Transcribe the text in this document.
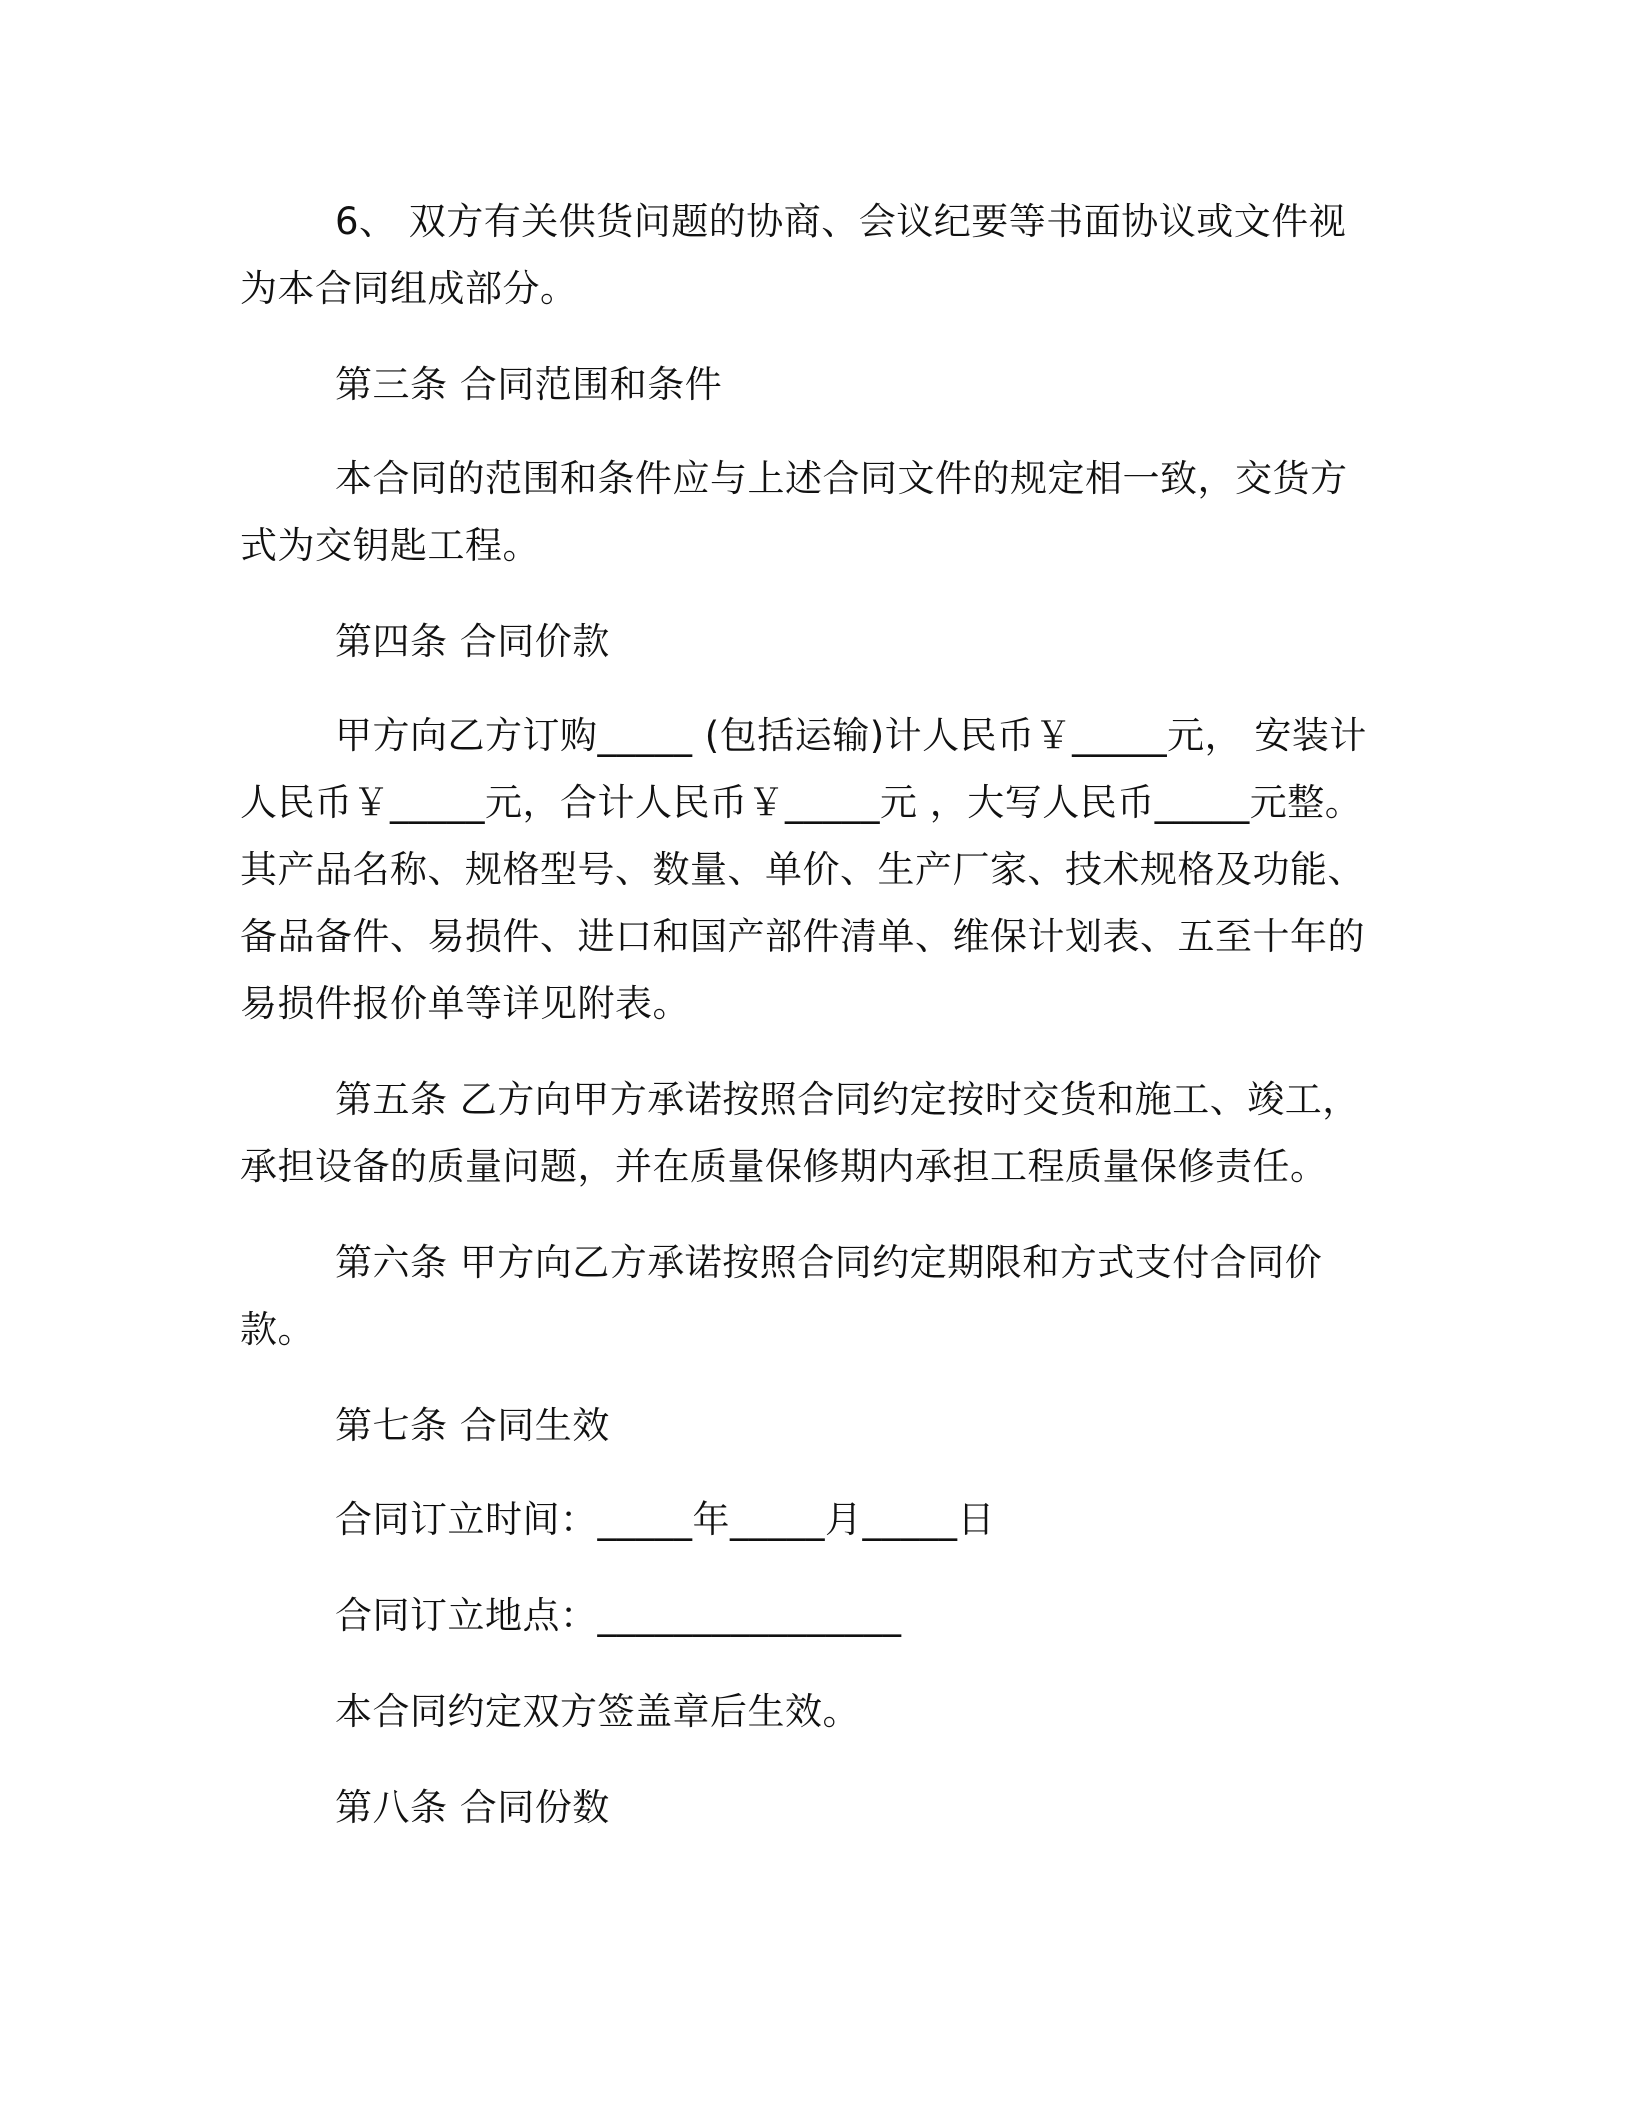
6、 双方有关供货问题的协商、会议纪要等书面协议或文件视为本合同组成部分。

第三条 合同范围和条件

本合同的范围和条件应与上述合同文件的规定相一致，交货方式为交钥匙工程。

第四条 合同价款

甲方向乙方订购_____ (包括运输)计人民币￥_____元， 安装计人民币￥_____元，合计人民币￥_____元 ，大写人民币_____元整。其产品名称、规格型号、数量、单价、生产厂家、技术规格及功能、备品备件、易损件、进口和国产部件清单、维保计划表、五至十年的易损件报价单等详见附表。

第五条 乙方向甲方承诺按照合同约定按时交货和施工、竣工，承担设备的质量问题，并在质量保修期内承担工程质量保修责任。

第六条 甲方向乙方承诺按照合同约定期限和方式支付合同价款。

第七条 合同生效

合同订立时间：_____年_____月_____日

合同订立地点：________________

本合同约定双方签盖章后生效。

第八条 合同份数
